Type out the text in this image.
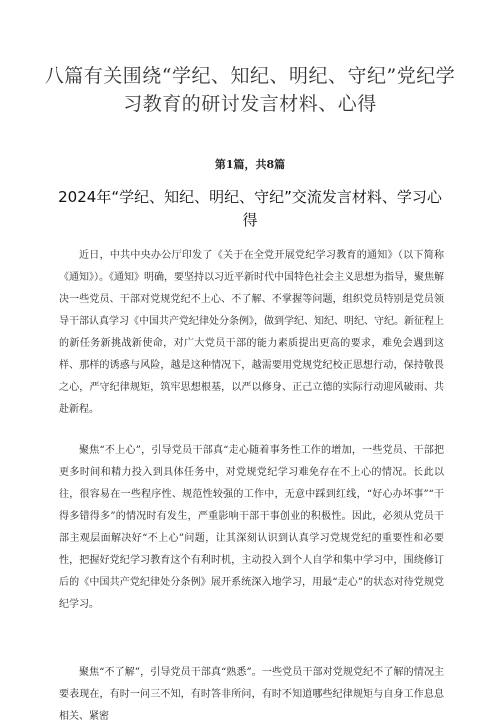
八篇有关围绕“学纪、知纪、明纪、守纪”党纪学习教育的研讨发言材料、心得
第1篇，共8篇
2024年“学纪、知纪、明纪、守纪”交流发言材料、学习心得

近日，中共中央办公厅印发了《关于在全党开展党纪学习教育的通知》（以下简称《通知》）。《通知》明确，要坚持以习近平新时代中国特色社会主义思想为指导，聚焦解决一些党员、干部对党规党纪不上心、不了解、不掌握等问题，组织党员特别是党员领导干部认真学习《中国共产党纪律处分条例》，做到学纪、知纪、明纪、守纪。新征程上的新任务新挑战新使命，对广大党员干部的能力素质提出更高的要求，难免会遇到这样、那样的诱惑与风险，越是这种情况下，越需要用党规党纪校正思想行动，保持敬畏之心，严守纪律规矩，筑牢思想根基，以严以修身、正己立德的实际行动迎风破雨、共赴新程。

聚焦“不上心”，引导党员干部真“走心随着事务性工作的增加，一些党员、干部把更多时间和精力投入到具体任务中，对党规党纪学习难免存在不上心的情况。长此以往，很容易在一些程序性、规范性较强的工作中，无意中踩到红线，“好心办坏事”“干得多错得多”的情况时有发生，严重影响干部干事创业的积极性。因此，必须从党员干部主观层面解决好“不上心”问题，让其深刻认识到认真学习党规党纪的重要性和必要性，把握好党纪学习教育这个有利时机，主动投入到个人自学和集中学习中，围绕修订后的《中国共产党纪律处分条例》展开系统深入地学习，用最“走心”的状态对待党规党纪学习。

聚焦“不了解”，引导党员干部真“熟悉”。一些党员干部对党规党纪不了解的情况主要表现在，有时一问三不知，有时答非所问，有时不知道哪些纪律规矩与自身工作息息相关、紧密
